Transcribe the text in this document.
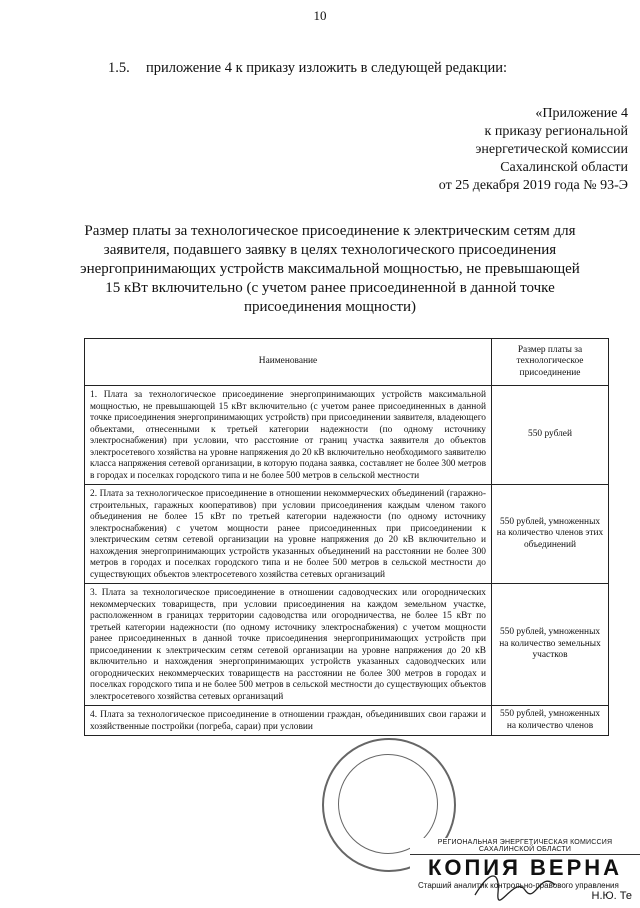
10
1.5. приложение 4 к приказу изложить в следующей редакции:
«Приложение 4
к приказу региональной
энергетической комиссии
Сахалинской области
от 25 декабря 2019 года № 93-Э
Размер платы за технологическое присоединение к электрическим сетям для заявителя, подавшего заявку в целях технологического присоединения энергопринимающих устройств максимальной мощностью, не превышающей 15 кВт включительно (с учетом ранее присоединенной в данной точке присоединения мощности)
Наименование	Размер платы за технологическое присоединение
1. Плата за технологическое присоединение энергопринимающих устройств максимальной мощностью, не превышающей 15 кВт включительно (с учетом ранее присоединенных в данной точке присоединения энергопринимающих устройств) при присоединении заявителя, владеющего объектами, отнесенными к третьей категории надежности (по одному источнику электроснабжения) при условии, что расстояние от границ участка заявителя до объектов электросетевого хозяйства на уровне напряжения до 20 кВ включительно необходимого заявителю класса напряжения сетевой организации, в которую подана заявка, составляет не более 300 метров в городах и поселках городского типа и не более 500 метров в сельской местности	550 рублей
2. Плата за технологическое присоединение в отношении некоммерческих объединений (гаражно-строительных, гаражных кооперативов) при условии присоединения каждым членом такого объединения не более 15 кВт по третьей категории надежности (по одному источнику электроснабжения) с учетом мощности ранее присоединенных при присоединении к электрическим сетям сетевой организации на уровне напряжения до 20 кВ включительно и нахождения энергопринимающих устройств указанных объединений на расстоянии не более 300 метров в городах и поселках городского типа и не более 500 метров в сельской местности до существующих объектов электросетевого хозяйства сетевых организаций	550 рублей, умноженных на количество членов этих объединений
3. Плата за технологическое присоединение в отношении садоводческих или огороднических некоммерческих товариществ, при условии присоединения на каждом земельном участке, расположенном в границах территории садоводства или огородничества, не более 15 кВт по третьей категории надежности (по одному источнику электроснабжения) с учетом мощности ранее присоединенных в данной точке присоединения энергопринимающих устройств при присоединении к электрическим сетям сетевой организации на уровне напряжения до 20 кВ включительно и нахождения энергопринимающих устройств указанных садоводческих или огороднических некоммерческих товариществ на расстоянии не более 300 метров в городах и поселках городского типа и не более 500 метров в сельской местности до существующих объектов электросетевого хозяйства сетевых организаций	550 рублей, умноженных на количество земельных участков
4. Плата за технологическое присоединение в отношении граждан, объединивших свои гаражи и хозяйственные постройки (погреба, сараи) при условии	550 рублей, умноженных на количество членов
РЕГИОНАЛЬНАЯ ЭНЕРГЕТИЧЕСКАЯ КОМИССИЯ САХАЛИНСКОЙ ОБЛАСТИ
КОПИЯ ВЕРНА
Старший аналитик контрольно-правового управления
Н.Ю. Те
